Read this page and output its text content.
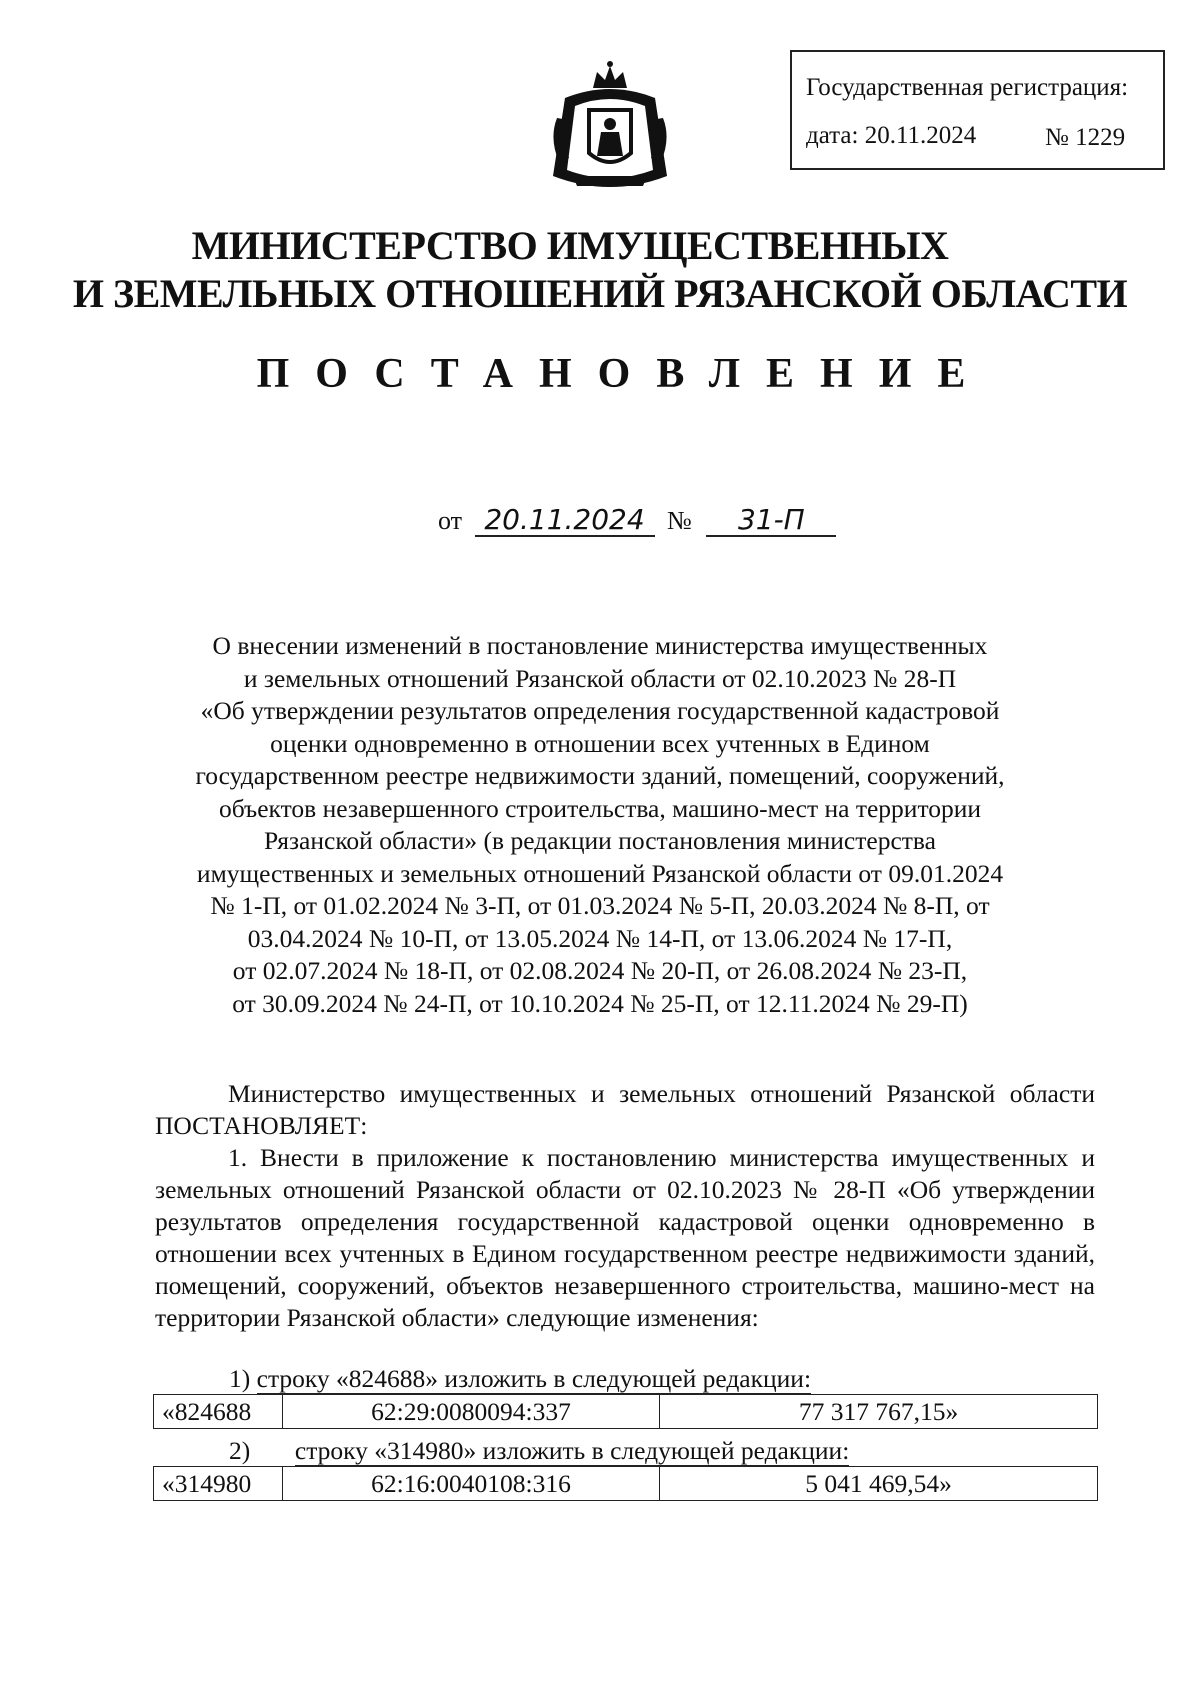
Государственная регистрация:
дата: 20.11.2024	№ 1229
МИНИСТЕРСТВО ИМУЩЕСТВЕННЫХ
И ЗЕМЕЛЬНЫХ ОТНОШЕНИЙ РЯЗАНСКОЙ ОБЛАСТИ
ПОСТАНОВЛЕНИЕ
от 20.11.2024 № 31-П
О внесении изменений в постановление министерства имущественных
и земельных отношений Рязанской области от 02.10.2023 № 28-П
«Об утверждении результатов определения государственной кадастровой
оценки одновременно в отношении всех учтенных в Едином
государственном реестре недвижимости зданий, помещений, сооружений,
объектов незавершенного строительства, машино-мест на территории
Рязанской области» (в редакции постановления министерства
имущественных и земельных отношений Рязанской области от 09.01.2024
№ 1-П, от 01.02.2024 № 3-П, от 01.03.2024 № 5-П, 20.03.2024 № 8-П, от
03.04.2024 № 10-П, от 13.05.2024 № 14-П, от 13.06.2024 № 17-П,
от 02.07.2024 № 18-П, от 02.08.2024 № 20-П, от 26.08.2024 № 23-П,
от 30.09.2024 № 24-П, от 10.10.2024 № 25-П, от 12.11.2024 № 29-П)
Министерство имущественных и земельных отношений Рязанской области ПОСТАНОВЛЯЕТ:
1. Внести в приложение к постановлению министерства имущественных и земельных отношений Рязанской области от 02.10.2023 № 28-П «Об утверждении результатов определения государственной кадастровой оценки одновременно в отношении всех учтенных в Едином государственном реестре недвижимости зданий, помещений, сооружений, объектов незавершенного строительства, машино-мест на территории Рязанской области» следующие изменения:
1) строку «824688» изложить в следующей редакции:
«824688	62:29:0080094:337	77 317 767,15»
2) строку «314980» изложить в следующей редакции:
«314980	62:16:0040108:316	5 041 469,54»
